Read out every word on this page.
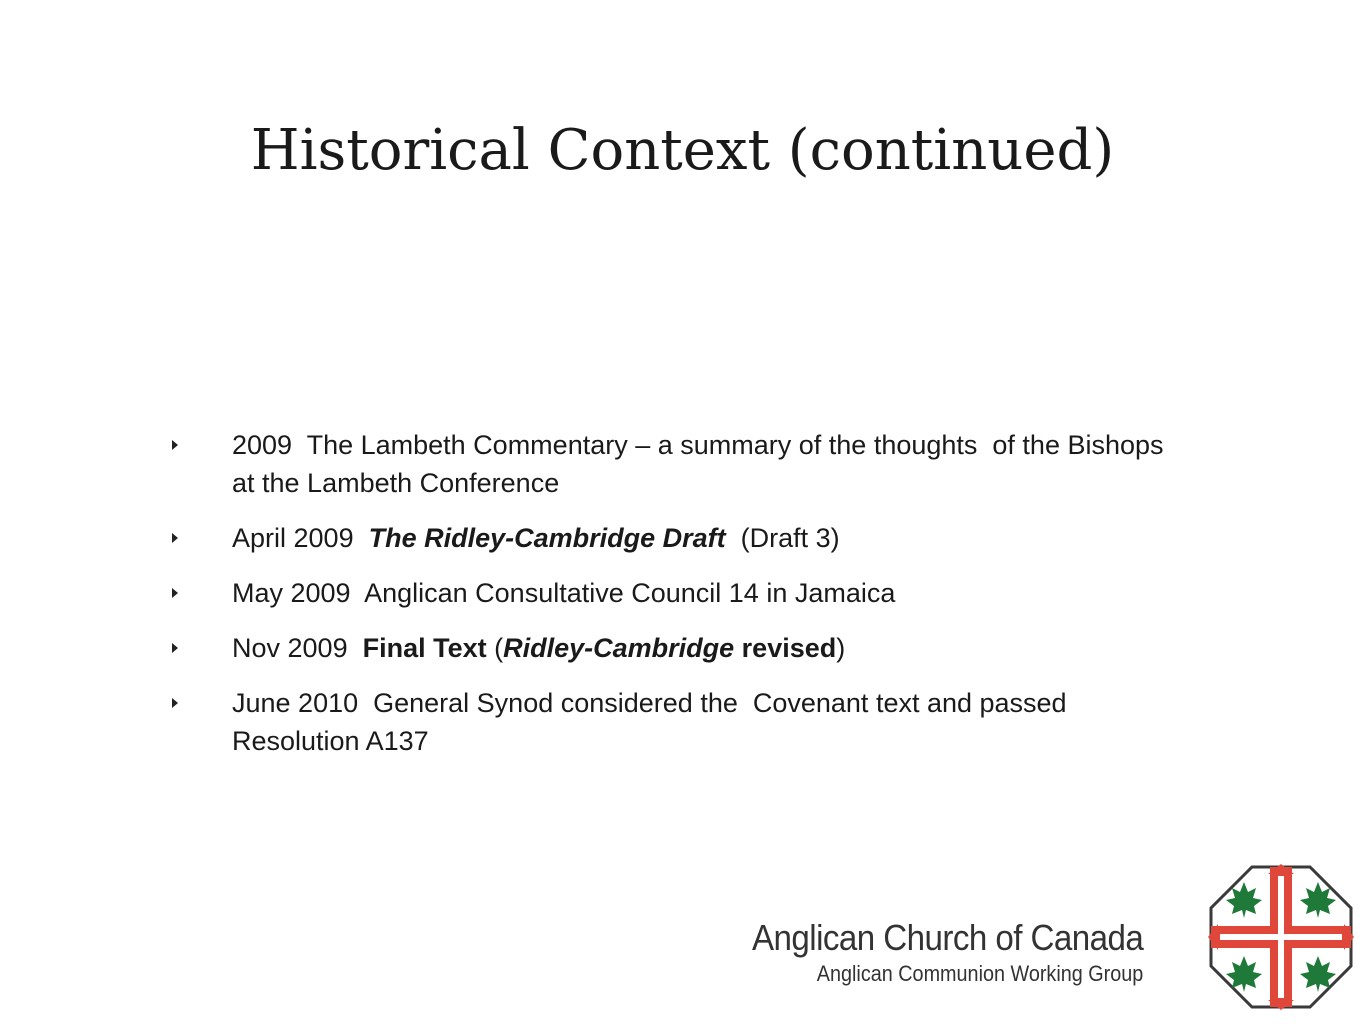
Historical Context (continued)
2009  The Lambeth Commentary – a summary of the thoughts  of the Bishops at the Lambeth Conference
April 2009  The Ridley-Cambridge Draft  (Draft 3)
May 2009  Anglican Consultative Council 14 in Jamaica
Nov 2009  Final Text (Ridley-Cambridge revised)
June 2010  General Synod considered the  Covenant text and passed Resolution A137
Anglican Church of Canada
Anglican Communion Working Group
